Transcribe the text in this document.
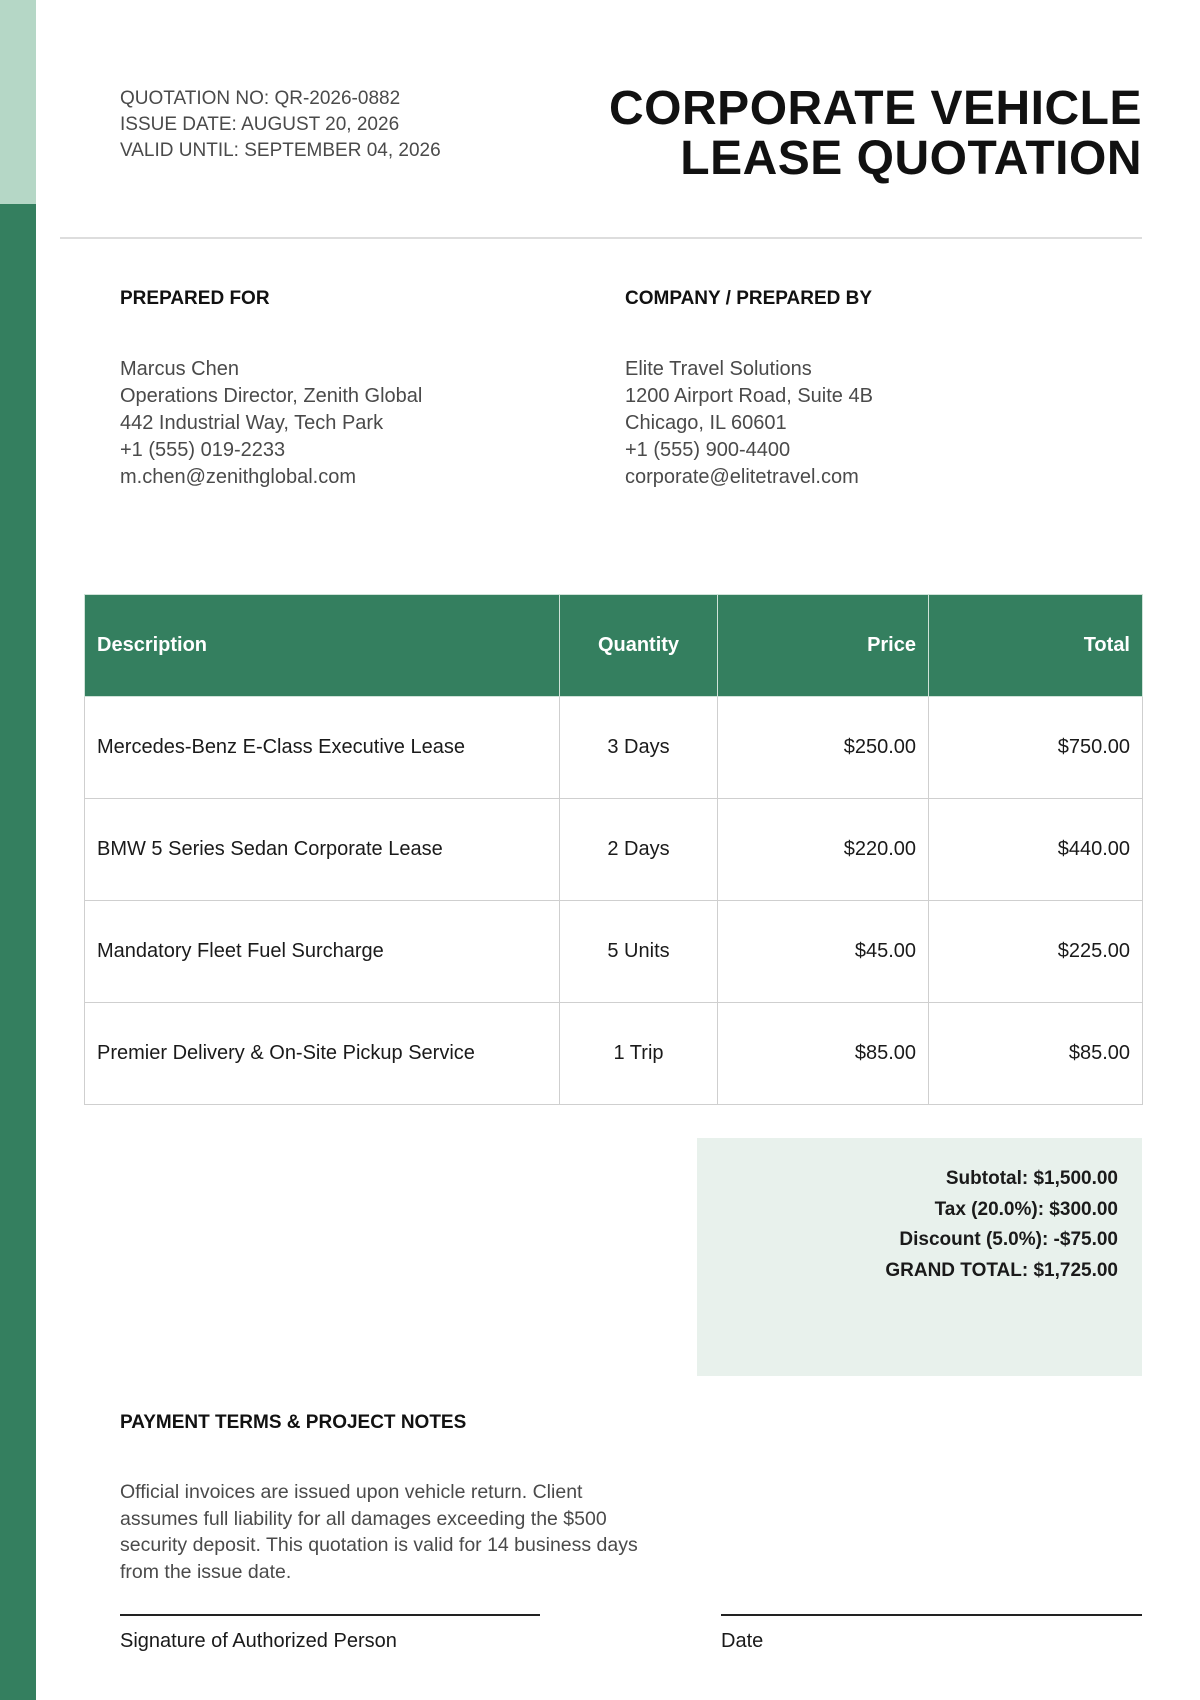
QUOTATION NO: QR-2026-0882
ISSUE DATE: AUGUST 20, 2026
VALID UNTIL: SEPTEMBER 04, 2026
CORPORATE VEHICLE
LEASE QUOTATION
PREPARED FOR
Marcus Chen
Operations Director, Zenith Global
442 Industrial Way, Tech Park
+1 (555) 019-2233
m.chen@zenithglobal.com
COMPANY / PREPARED BY
Elite Travel Solutions
1200 Airport Road, Suite 4B
Chicago, IL 60601
+1 (555) 900-4400
corporate@elitetravel.com
Description	Quantity	Price	Total
Mercedes-Benz E-Class Executive Lease	3 Days	$250.00	$750.00
BMW 5 Series Sedan Corporate Lease	2 Days	$220.00	$440.00
Mandatory Fleet Fuel Surcharge	5 Units	$45.00	$225.00
Premier Delivery & On-Site Pickup Service	1 Trip	$85.00	$85.00
Subtotal: $1,500.00
Tax (20.0%): $300.00
Discount (5.0%): -$75.00
GRAND TOTAL: $1,725.00
PAYMENT TERMS & PROJECT NOTES
Official invoices are issued upon vehicle return. Client assumes full liability for all damages exceeding the $500 security deposit. This quotation is valid for 14 business days from the issue date.
Signature of Authorized Person	Date
